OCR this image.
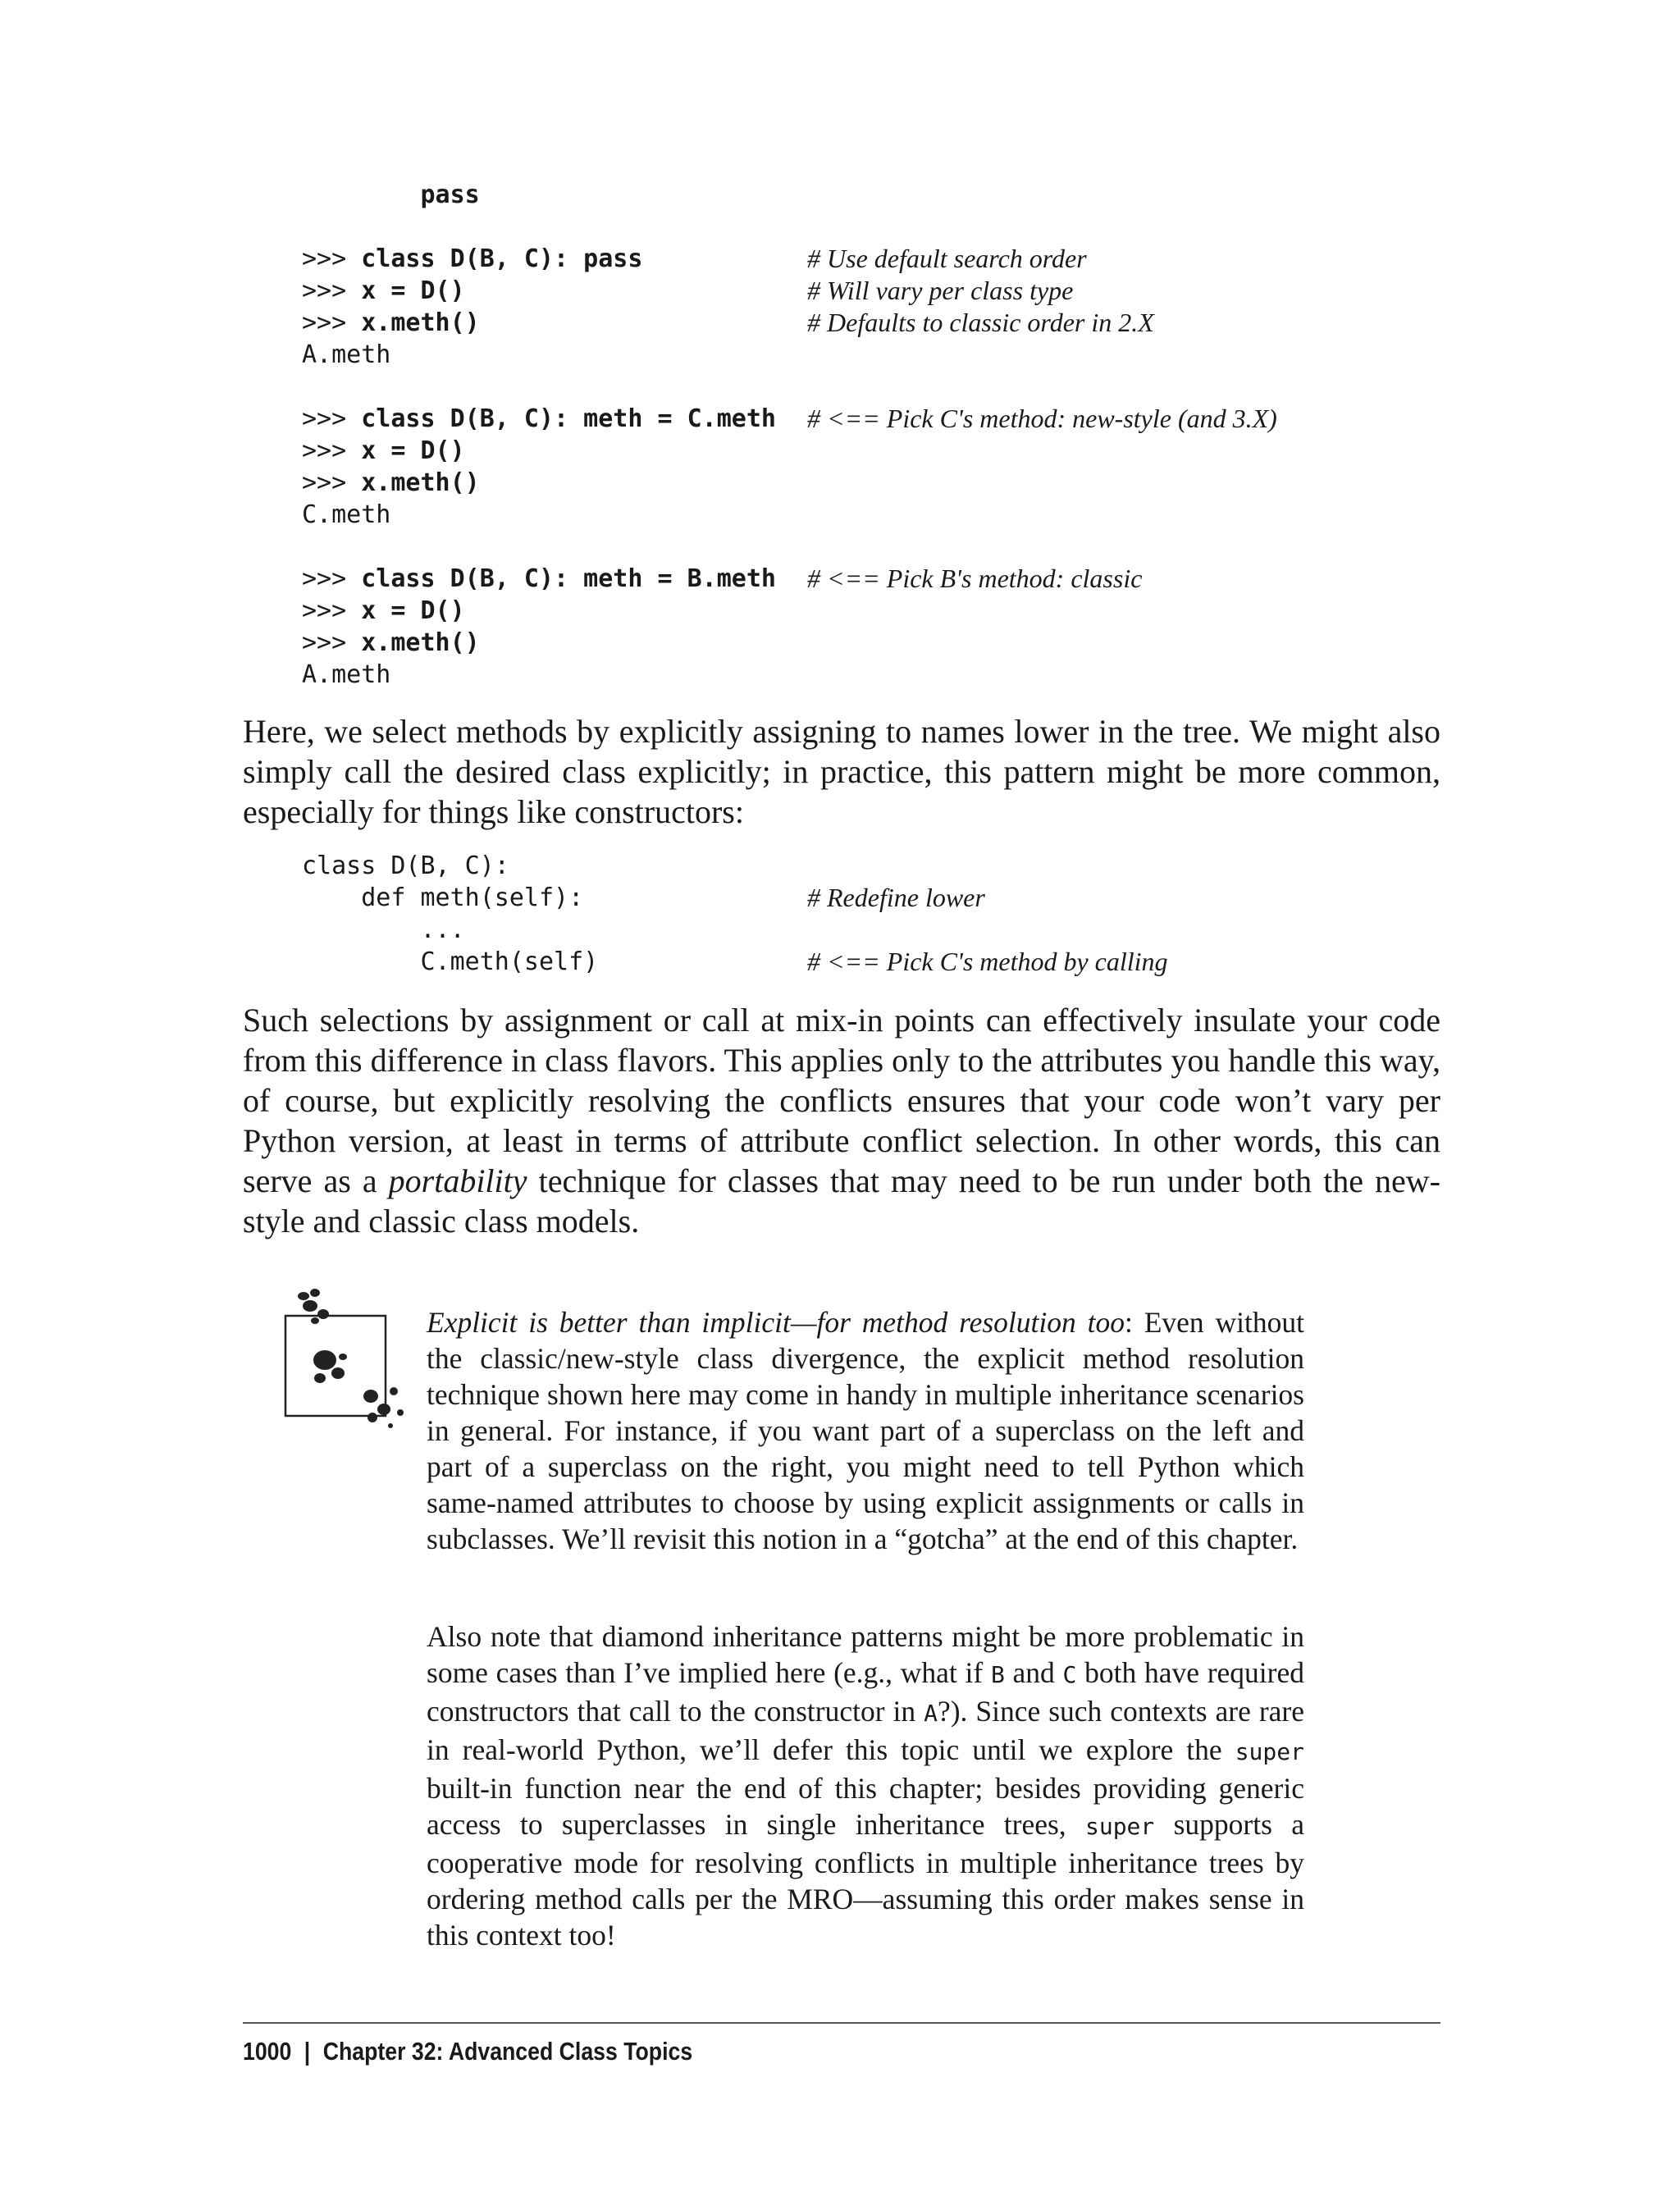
pass
>>> class D(B, C): pass	# Use default search order
>>> x = D()	# Will vary per class type
>>> x.meth()	# Defaults to classic order in 2.X
A.meth
>>> class D(B, C): meth = C.meth # <== Pick C's method: new-style (and 3.X)
>>> x = D()
>>> x.meth()
C.meth
>>> class D(B, C): meth = B.meth # <== Pick B's method: classic
>>> x = D()
>>> x.meth()
A.meth

Here, we select methods by explicitly assigning to names lower in the tree. We might also simply call the desired class explicitly; in practice, this pattern might be more common, especially for things like constructors:

class D(B, C):
def meth(self):	# Redefine lower
...
C.meth(self)	# <== Pick C's method by calling

Such selections by assignment or call at mix-in points can effectively insulate your code from this difference in class flavors. This applies only to the attributes you handle this way, of course, but explicitly resolving the conflicts ensures that your code won’t vary per Python version, at least in terms of attribute conflict selection. In other words, this can serve as a portability technique for classes that may need to be run under both the new-style and classic class models.

Explicit is better than implicit—for method resolution too: Even without the classic/new-style class divergence, the explicit method resolution technique shown here may come in handy in multiple inheritance scenarios in general. For instance, if you want part of a superclass on the left and part of a superclass on the right, you might need to tell Python which same-named attributes to choose by using explicit assignments or calls in subclasses. We’ll revisit this notion in a “gotcha” at the end of this chapter.

Also note that diamond inheritance patterns might be more problematic in some cases than I’ve implied here (e.g., what if B and C both have required constructors that call to the constructor in A?). Since such contexts are rare in real-world Python, we’ll defer this topic until we explore the super built-in function near the end of this chapter; besides providing generic access to superclasses in single inheritance trees, super supports a cooperative mode for resolving conflicts in multiple inheritance trees by ordering method calls per the MRO—assuming this order makes sense in this context too!

1000 | Chapter 32: Advanced Class Topics
